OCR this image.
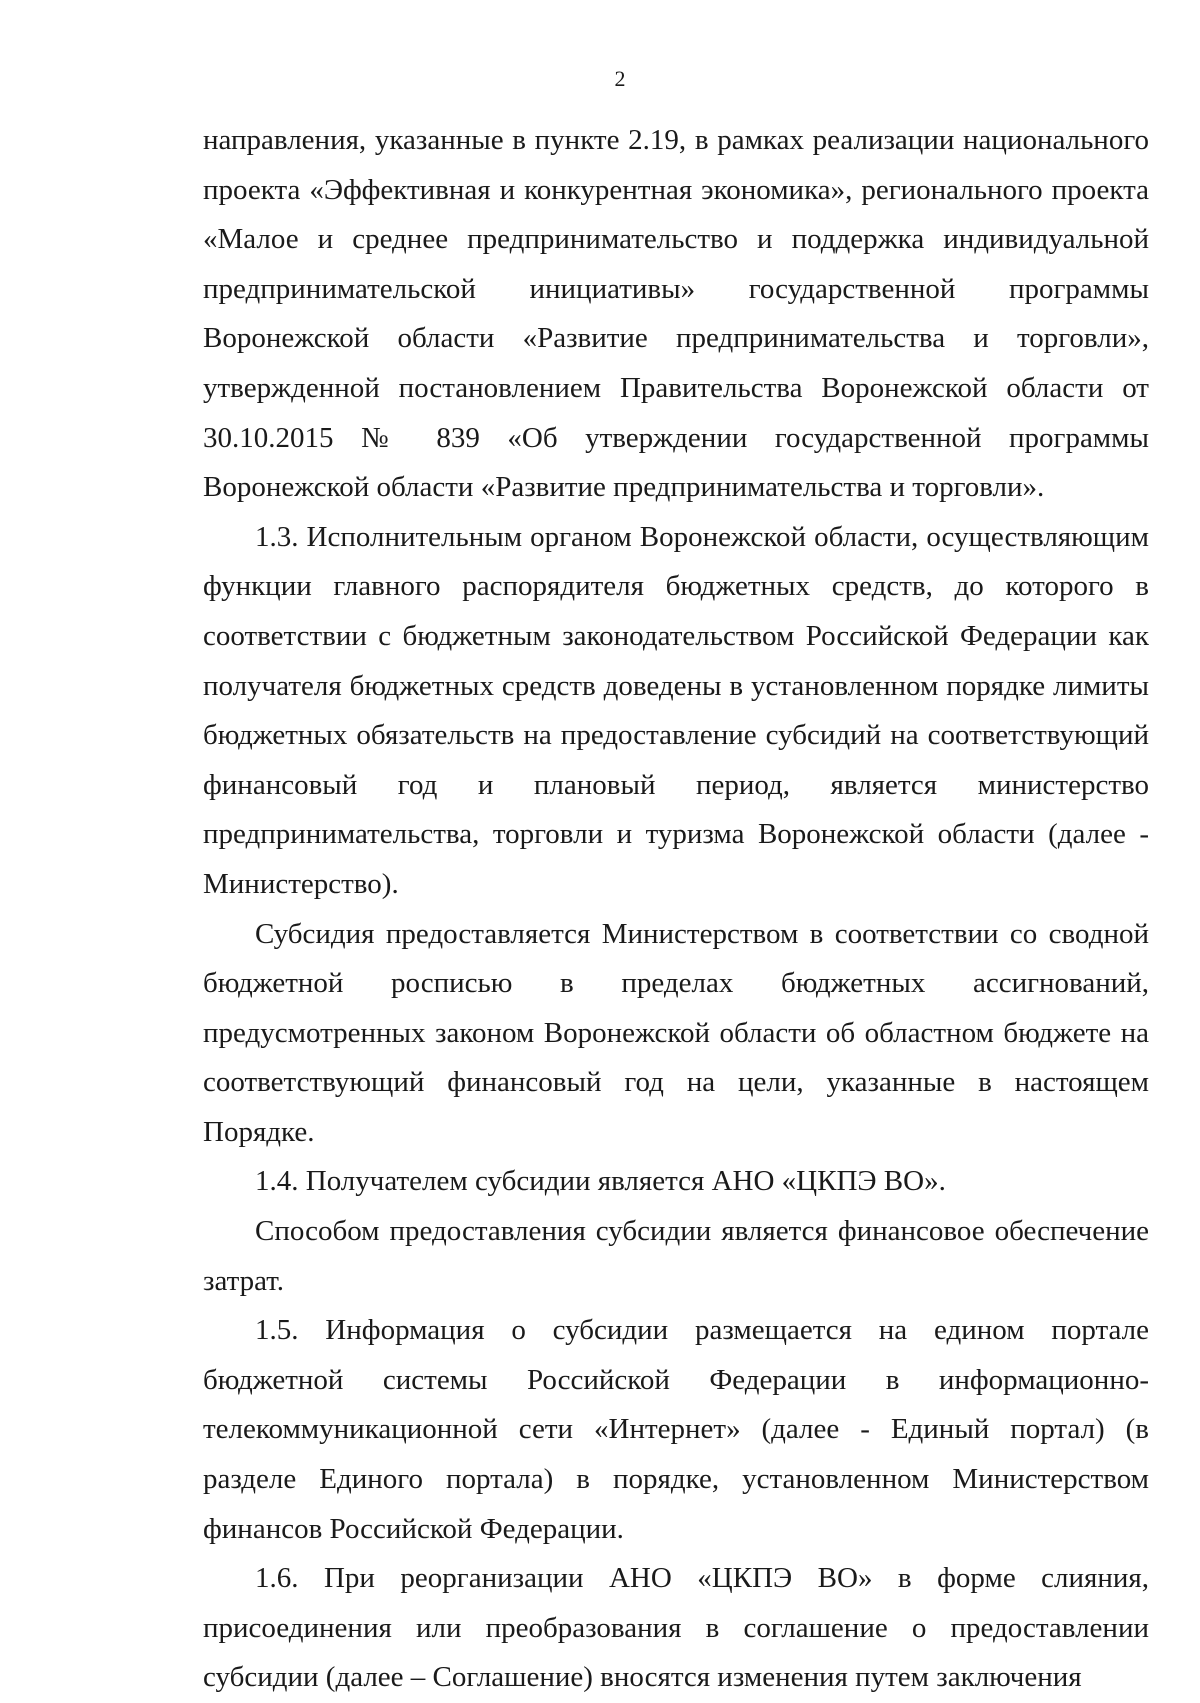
2

направления, указанные в пункте 2.19, в рамках реализации национального проекта «Эффективная и конкурентная экономика», регионального проекта «Малое и среднее предпринимательство и поддержка индивидуальной предпринимательской инициативы» государственной программы Воронежской области «Развитие предпринимательства и торговли», утвержденной постановлением Правительства Воронежской области от 30.10.2015 № 839 «Об утверждении государственной программы Воронежской области «Развитие предпринимательства и торговли».

1.3. Исполнительным органом Воронежской области, осуществляющим функции главного распорядителя бюджетных средств, до которого в соответствии с бюджетным законодательством Российской Федерации как получателя бюджетных средств доведены в установленном порядке лимиты бюджетных обязательств на предоставление субсидий на соответствующий финансовый год и плановый период, является министерство предпринимательства, торговли и туризма Воронежской области (далее - Министерство).

Субсидия предоставляется Министерством в соответствии со сводной бюджетной росписью в пределах бюджетных ассигнований, предусмотренных законом Воронежской области об областном бюджете на соответствующий финансовый год на цели, указанные в настоящем Порядке.

1.4. Получателем субсидии является АНО «ЦКПЭ ВО».

Способом предоставления субсидии является финансовое обеспечение затрат.

1.5. Информация о субсидии размещается на едином портале бюджетной системы Российской Федерации в информационно-телекоммуникационной сети «Интернет» (далее - Единый портал) (в разделе Единого портала) в порядке, установленном Министерством финансов Российской Федерации.

1.6. При реорганизации АНО «ЦКПЭ ВО» в форме слияния, присоединения или преобразования в соглашение о предоставлении субсидии (далее – Соглашение) вносятся изменения путем заключения
